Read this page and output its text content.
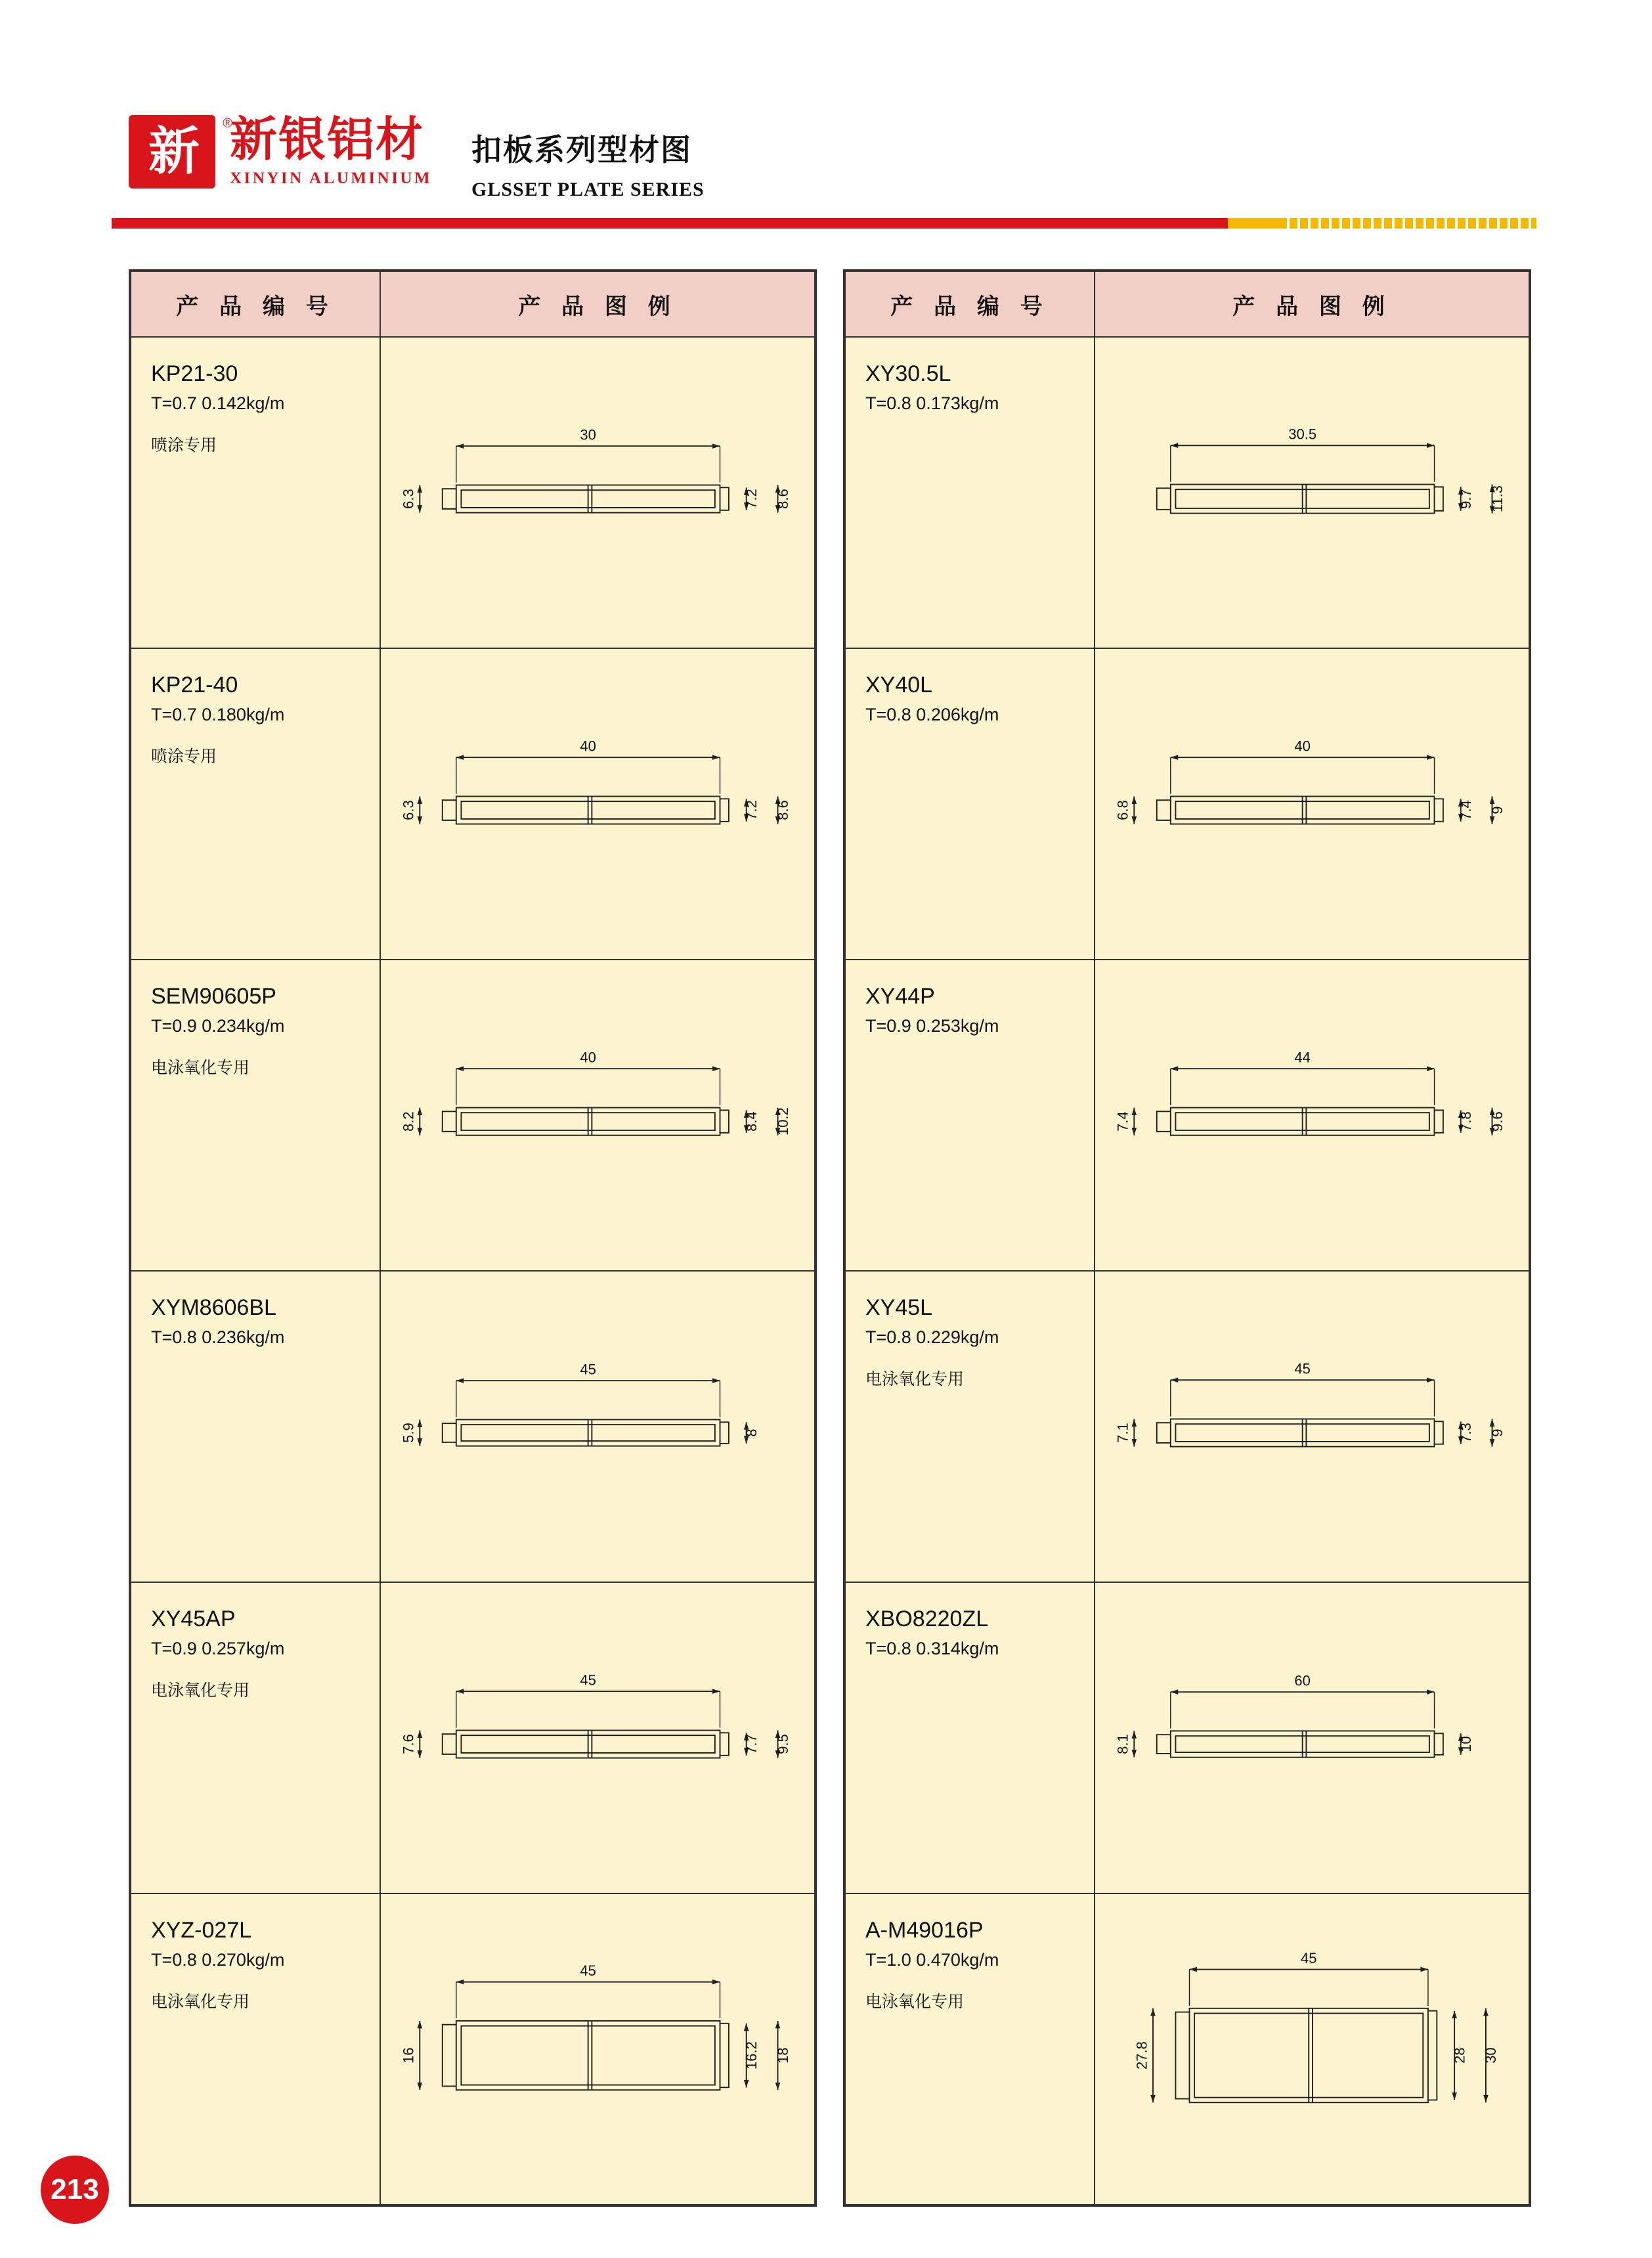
新 ®
新银铝材
XINYIN ALUMINIUM
扣板系列型材图
GLSSET PLATE SERIES
产 品 编 号	产 品 图 例

KP21-30
T=0.7 0.142kg/m
喷涂专用

30
6.3	7.2 8.6

KP21-40
T=0.7 0.180kg/m
喷涂专用

40
6.3	7.2 8.6

SEM90605P
T=0.9 0.234kg/m
电泳氧化专用

40
8.2	8.4 10.2

XYM8606BL
T=0.8 0.236kg/m

45
5.9	8

XY45AP
T=0.9 0.257kg/m
电泳氧化专用

45
7.6	7.7 9.5

XYZ-027L
T=0.8 0.270kg/m
电泳氧化专用

45
16	16.2 18
产 品 编 号	产 品 图 例

XY30.5L
T=0.8 0.173kg/m

30.5
9.7 11.3

XY40L
T=0.8 0.206kg/m

40
6.8	7.4 9

XY44P
T=0.9 0.253kg/m

44
7.4	7.8 9.6

XY45L
T=0.8 0.229kg/m
电泳氧化专用

45
7.1	7.3 9

XBO8220ZL
T=0.8 0.314kg/m

60
8.1	10

A-M49016P
T=1.0 0.470kg/m
电泳氧化专用

45
27.8	28 30
213
